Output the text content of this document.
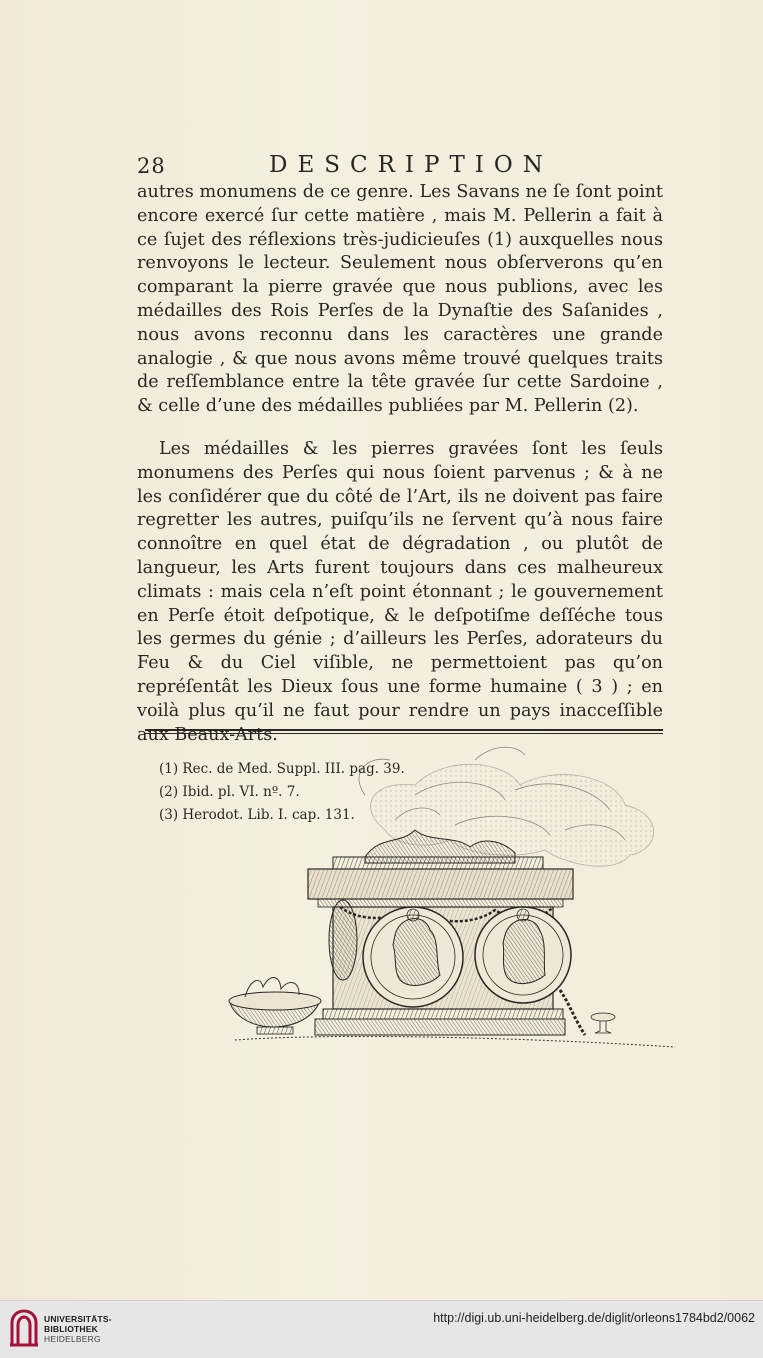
28	DESCRIPTION

autres monumens de ce genre. Les Savans ne ſe ſont point encore exercé ſur cette matière , mais M. Pellerin a fait à ce ſujet des réflexions très-judicieuſes (1) auxquelles nous renvoyons le lecteur. Seulement nous obſerverons qu’en comparant la pierre gravée que nous publions, avec les médailles des Rois Perſes de la Dynaſtie des Saſanides , nous avons reconnu dans les caractères une grande analogie , & que nous avons même trouvé quelques traits de reſſemblance entre la tête gravée ſur cette Sardoine , & celle d’une des médailles publiées par M. Pellerin (2).

Les médailles & les pierres gravées ſont les ſeuls monumens des Perſes qui nous ſoient parvenus ; & à ne les conſidérer que du côté de l’Art, ils ne doivent pas faire regretter les autres, puiſqu’ils ne ſervent qu’à nous faire connoître en quel état de dégradation , ou plutôt de langueur, les Arts furent toujours dans ces malheureux climats : mais cela n’eſt point étonnant ; le gouvernement en Perſe étoit deſpotique, & le deſpotiſme deſſéche tous les germes du génie ; d’ailleurs les Perſes, adorateurs du Feu & du Ciel viſible, ne permettoient pas qu’on repréſentât les Dieux ſous une forme humaine ( 3 ) ; en voilà plus qu’il ne faut pour rendre un pays inacceſſible aux Beaux-Arts.

(1) Rec. de Med. Suppl. III. pag. 39.
(2) Ibid. pl. VI. nº. 7.
(3) Herodot. Lib. I. cap. 131.
UNIVERSITÄTS-
BIBLIOTHEK
HEIDELBERG
http://digi.ub.uni-heidelberg.de/diglit/orleons1784bd2/0062
